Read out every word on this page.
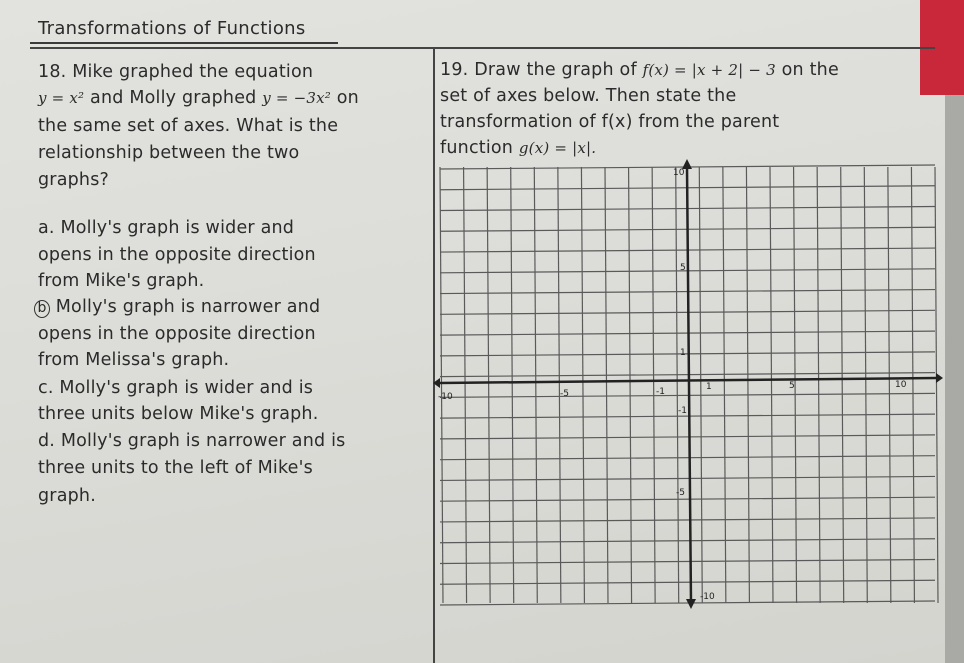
Transformations of Functions
18. Mike graphed the equation
y = x² and Molly graphed y = −3x² on
the same set of axes. What is the
relationship between the two
graphs?
a. Molly's graph is wider and
opens in the opposite direction
from Mike's graph.
b Molly's graph is narrower and
opens in the opposite direction
from Melissa's graph.
c. Molly's graph is wider and is
three units below Mike's graph.
d. Molly's graph is narrower and is
three units to the left of Mike's
graph.
19. Draw the graph of f(x) = |x + 2| − 3 on the
set of axes below. Then state the
transformation of f(x) from the parent
function g(x) = |x|.
10
5
1
-1
-5
-10
-10	-5	-1	1	5	10
